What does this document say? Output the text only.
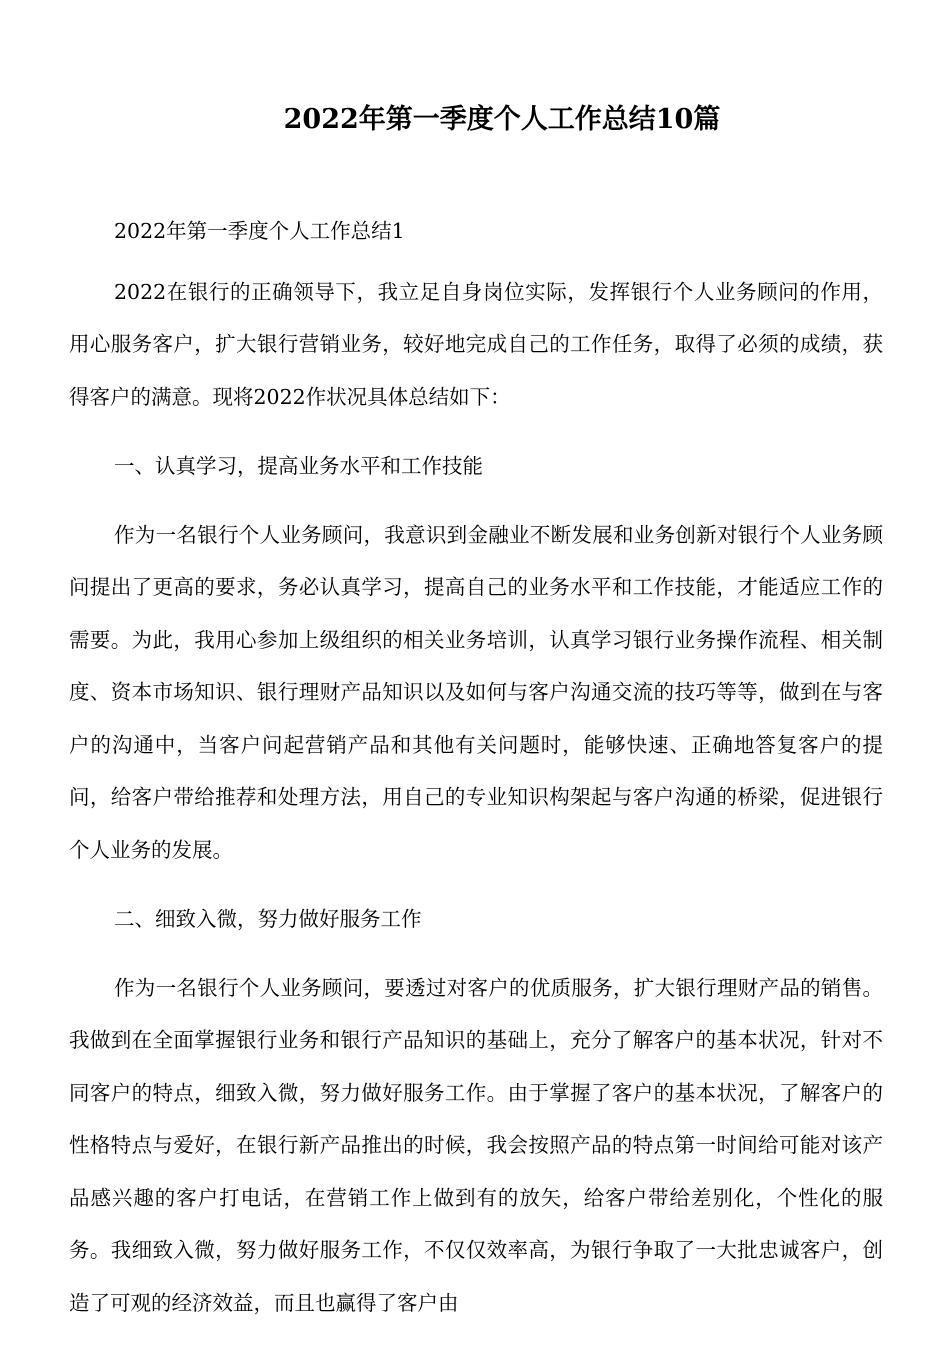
2022年第一季度个人工作总结10篇

2022年第一季度个人工作总结1

2022在银行的正确领导下，我立足自身岗位实际，发挥银行个人业务顾问的作用，用心服务客户，扩大银行营销业务，较好地完成自己的工作任务，取得了必须的成绩，获得客户的满意。现将2022作状况具体总结如下：

一、认真学习，提高业务水平和工作技能

作为一名银行个人业务顾问，我意识到金融业不断发展和业务创新对银行个人业务顾问提出了更高的要求，务必认真学习，提高自己的业务水平和工作技能，才能适应工作的需要。为此，我用心参加上级组织的相关业务培训，认真学习银行业务操作流程、相关制度、资本市场知识、银行理财产品知识以及如何与客户沟通交流的技巧等等，做到在与客户的沟通中，当客户问起营销产品和其他有关问题时，能够快速、正确地答复客户的提问，给客户带给推荐和处理方法，用自己的专业知识构架起与客户沟通的桥梁，促进银行个人业务的发展。

二、细致入微，努力做好服务工作

作为一名银行个人业务顾问，要透过对客户的优质服务，扩大银行理财产品的销售。我做到在全面掌握银行业务和银行产品知识的基础上，充分了解客户的基本状况，针对不同客户的特点，细致入微，努力做好服务工作。由于掌握了客户的基本状况，了解客户的性格特点与爱好，在银行新产品推出的时候，我会按照产品的特点第一时间给可能对该产品感兴趣的客户打电话，在营销工作上做到有的放矢，给客户带给差别化，个性化的服务。我细致入微，努力做好服务工作，不仅仅效率高，为银行争取了一大批忠诚客户，创造了可观的经济效益，而且也赢得了客户由
